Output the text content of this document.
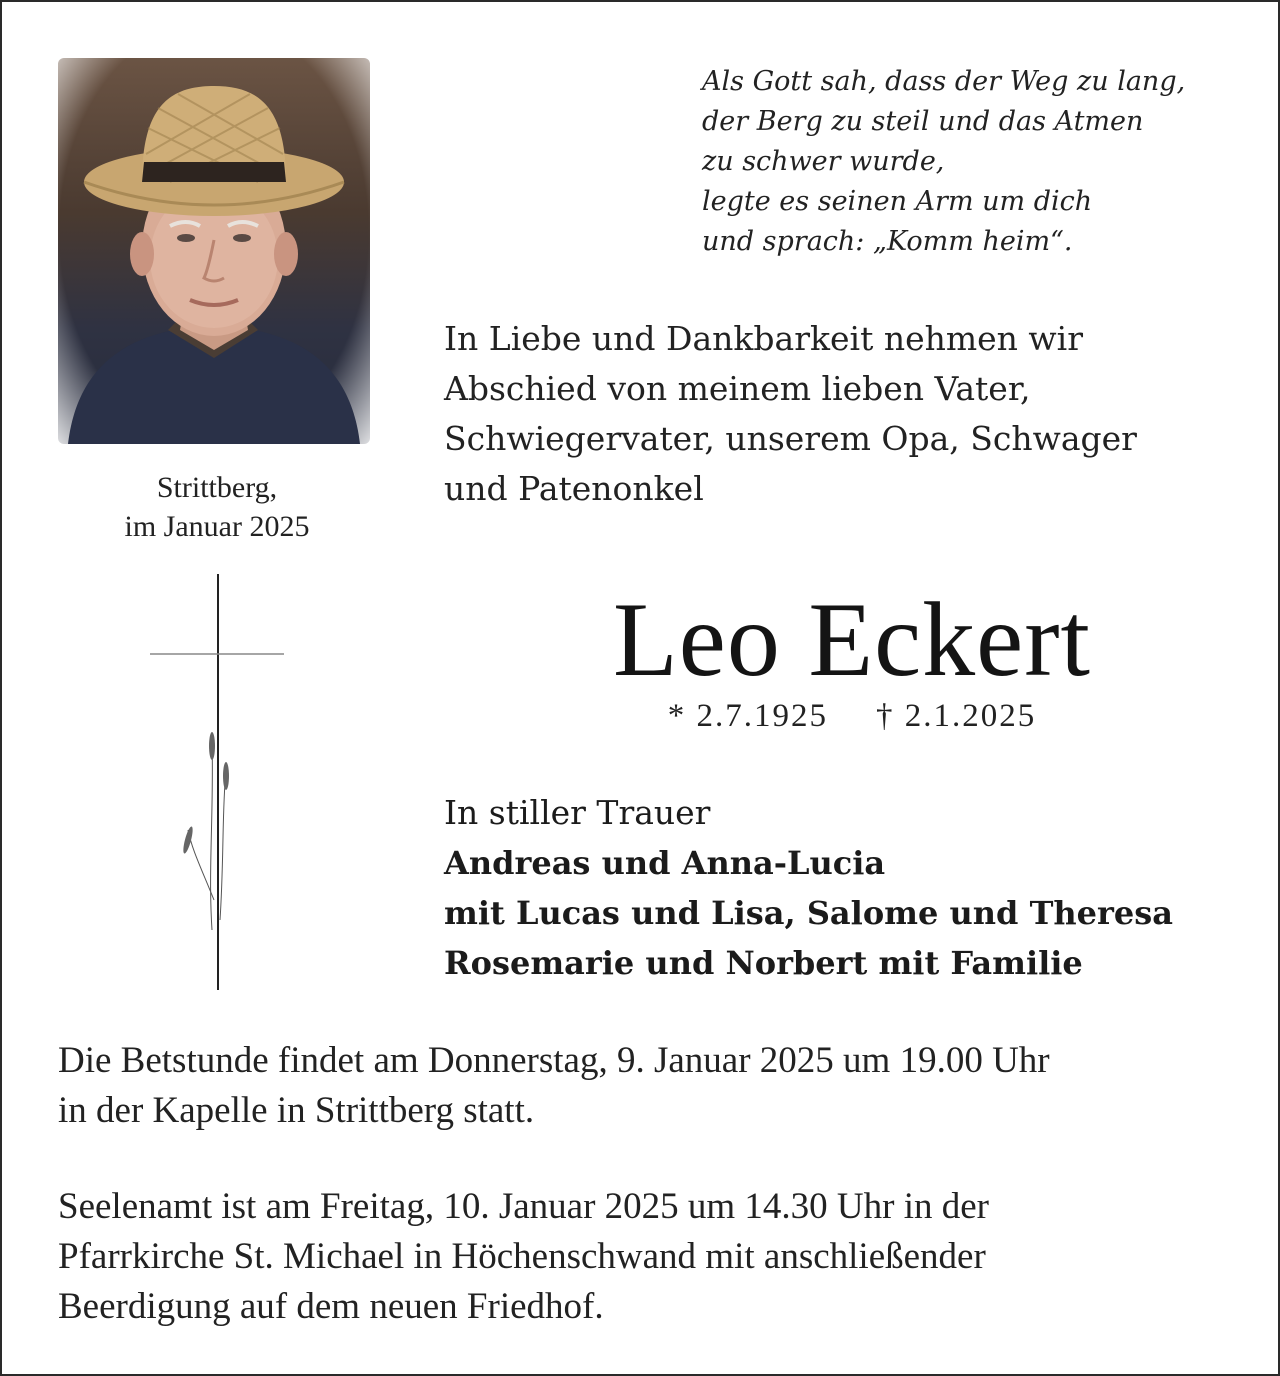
Strittberg,
im Januar 2025
Als Gott sah, dass der Weg zu lang,
der Berg zu steil und das Atmen
zu schwer wurde,
legte es seinen Arm um dich
und sprach: „Komm heim“.
In Liebe und Dankbarkeit nehmen wir
Abschied von meinem lieben Vater,
Schwiegervater, unserem Opa, Schwager
und Patenonkel
Leo Eckert
* 2.7.1925 † 2.1.2025
In stiller Trauer
Andreas und Anna-Lucia
mit Lucas und Lisa, Salome und Theresa
Rosemarie und Norbert mit Familie
Die Betstunde findet am Donnerstag, 9. Januar 2025 um 19.00 Uhr
in der Kapelle in Strittberg statt.
Seelenamt ist am Freitag, 10. Januar 2025 um 14.30 Uhr in der
Pfarrkirche St. Michael in Höchenschwand mit anschließender
Beerdigung auf dem neuen Friedhof.
